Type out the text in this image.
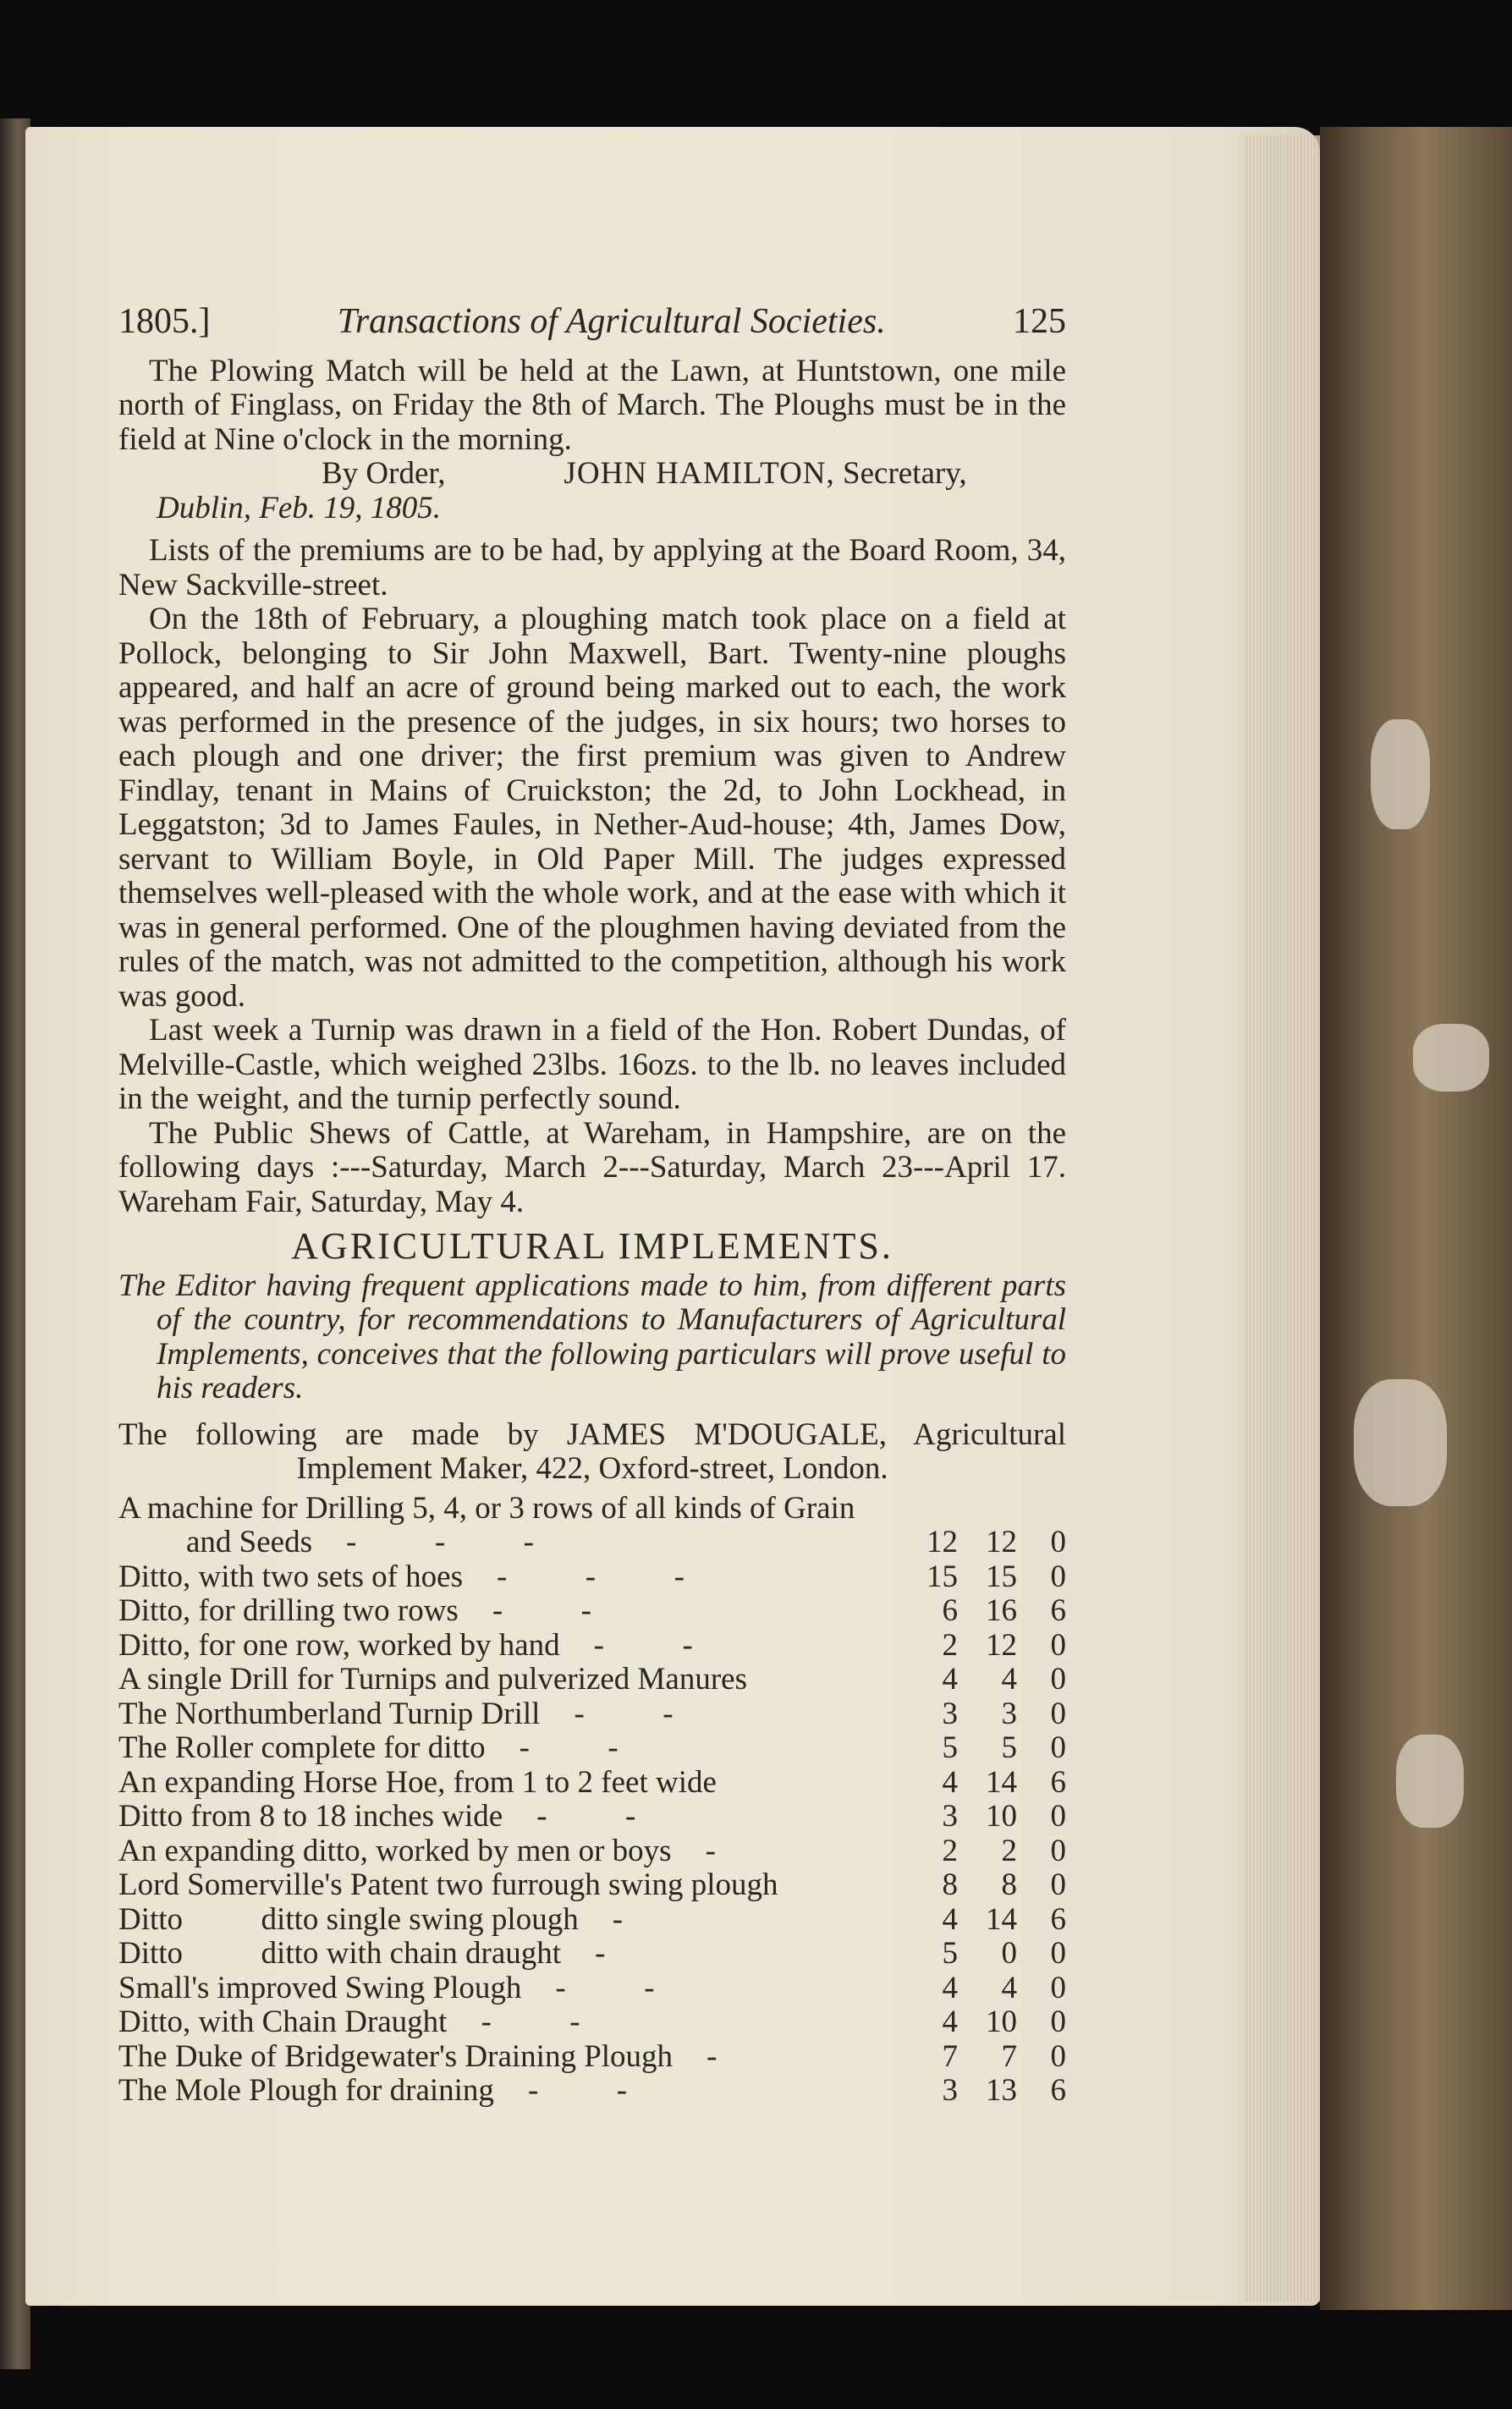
1805.]	Transactions of Agricultural Societies.	125

The Plowing Match will be held at the Lawn, at Huntstown, one mile north of Finglass, on Friday the 8th of March. The Ploughs must be in the field at Nine o'clock in the morning.

By Order,	JOHN HAMILTON, Secretary,
Dublin, Feb. 19, 1805.

Lists of the premiums are to be had, by applying at the Board Room, 34, New Sackville-street.

On the 18th of February, a ploughing match took place on a field at Pollock, belonging to Sir John Maxwell, Bart. Twenty-nine ploughs appeared, and half an acre of ground being marked out to each, the work was performed in the presence of the judges, in six hours; two horses to each plough and one driver; the first premium was given to Andrew Findlay, tenant in Mains of Cruickston; the 2d, to John Lockhead, in Leggatston; 3d to James Faules, in Nether-Aud-house; 4th, James Dow, servant to William Boyle, in Old Paper Mill. The judges expressed themselves well-pleased with the whole work, and at the ease with which it was in general performed. One of the ploughmen having deviated from the rules of the match, was not admitted to the competition, although his work was good.

Last week a Turnip was drawn in a field of the Hon. Robert Dundas, of Melville-Castle, which weighed 23lbs. 16ozs. to the lb. no leaves included in the weight, and the turnip perfectly sound.

The Public Shews of Cattle, at Wareham, in Hampshire, are on the following days :---Saturday, March 2---Saturday, March 23---April 17. Wareham Fair, Saturday, May 4.

AGRICULTURAL IMPLEMENTS.

The Editor having frequent applications made to him, from different parts of the country, for recommendations to Manufacturers of Agricultural Implements, conceives that the following particulars will prove useful to his readers.

The following are made by JAMES M'DOUGALE, Agricultural
Implement Maker, 422, Oxford-street, London.
A machine for Drilling 5, 4, or 3 rows of all kinds of Grain
and Seeds -          -          -	12 12	0
Ditto, with two sets of hoes -          -          -	15 15	0
Ditto, for drilling two rows -          -	6 16	6
Ditto, for one row, worked by hand -          -	2 12	0
A single Drill for Turnips and pulverized Manures	4	4	0
The Northumberland Turnip Drill -          -	3	3	0
The Roller complete for ditto -          -	5	5	0
An expanding Horse Hoe, from 1 to 2 feet wide	4 14	6
Ditto from 8 to 18 inches wide -          -	3 10	0
An expanding ditto, worked by men or boys -	2	2	0
Lord Somerville's Patent two furrough swing plough	8	8	0
Ditto          ditto single swing plough -	4 14	6
Ditto          ditto with chain draught -	5	0	0
Small's improved Swing Plough -          -	4	4	0
Ditto, with Chain Draught -          -	4 10	0
The Duke of Bridgewater's Draining Plough -	7	7	0
The Mole Plough for draining -          -	3 13	6
